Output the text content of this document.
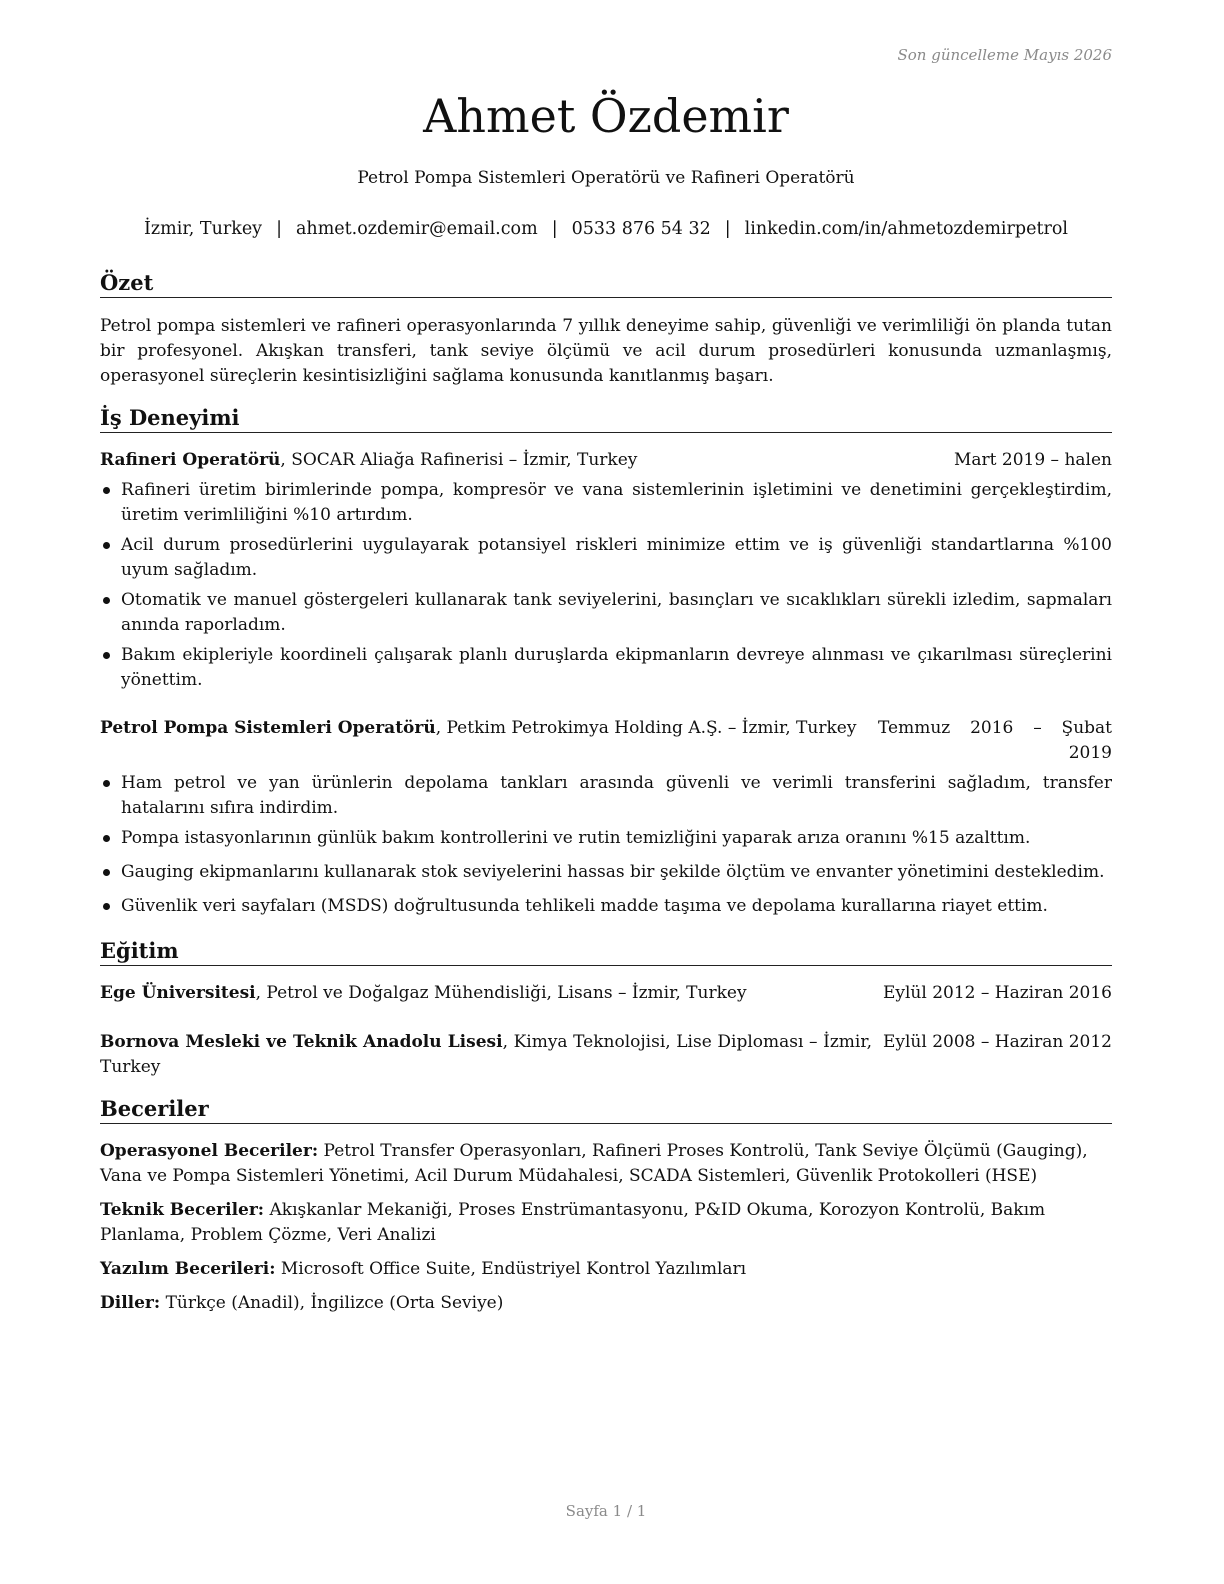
Son güncelleme Mayıs 2026
Ahmet Özdemir
Petrol Pompa Sistemleri Operatörü ve Rafineri Operatörü
İzmir, Turkey | ahmet.ozdemir@email.com | 0533 876 54 32 | linkedin.com/in/ahmetozdemirpetrol
Özet
Petrol pompa sistemleri ve rafineri operasyonlarında 7 yıllık deneyime sahip, güvenliği ve verimliliği ön planda tutan bir profesyonel. Akışkan transferi, tank seviye ölçümü ve acil durum prosedürleri konusunda uzmanlaşmış, operasyonel süreçlerin kesintisizliğini sağlama konusunda kanıtlanmış başarı.
İş Deneyimi
Rafineri Operatörü, SOCAR Aliağa Rafinerisi – İzmir, Turkey	Mart 2019 – halen
Rafineri üretim birimlerinde pompa, kompresör ve vana sistemlerinin işletimini ve denetimini gerçekleştirdim, üretim verimliliğini %10 artırdım.
Acil durum prosedürlerini uygulayarak potansiyel riskleri minimize ettim ve iş güvenliği standartlarına %100 uyum sağladım.
Otomatik ve manuel göstergeleri kullanarak tank seviyelerini, basınçları ve sıcaklıkları sürekli izledim, sapmaları anında raporladım.
Bakım ekipleriyle koordineli çalışarak planlı duruşlarda ekipmanların devreye alınması ve çıkarılması süreçlerini yönettim.
Petrol Pompa Sistemleri Operatörü, Petkim Petrokimya Holding A.Ş. – İzmir, Turkey Temmuz 2016 – Şubat
2019
Ham petrol ve yan ürünlerin depolama tankları arasında güvenli ve verimli transferini sağladım, transfer hatalarını sıfıra indirdim.
Pompa istasyonlarının günlük bakım kontrollerini ve rutin temizliğini yaparak arıza oranını %15 azalttım.
Gauging ekipmanlarını kullanarak stok seviyelerini hassas bir şekilde ölçtüm ve envanter yönetimini destekledim.
Güvenlik veri sayfaları (MSDS) doğrultusunda tehlikeli madde taşıma ve depolama kurallarına riayet ettim.
Eğitim
Ege Üniversitesi, Petrol ve Doğalgaz Mühendisliği, Lisans – İzmir, Turkey	Eylül 2012 – Haziran 2016
Bornova Mesleki ve Teknik Anadolu Lisesi, Kimya Teknolojisi, Lise Diploması – İzmir,
Turkey
Eylül 2008 – Haziran 2012
Beceriler
Operasyonel Beceriler: Petrol Transfer Operasyonları, Rafineri Proses Kontrolü, Tank Seviye Ölçümü (Gauging), Vana ve Pompa Sistemleri Yönetimi, Acil Durum Müdahalesi, SCADA Sistemleri, Güvenlik Protokolleri (HSE)
Teknik Beceriler: Akışkanlar Mekaniği, Proses Enstrümantasyonu, P&ID Okuma, Korozyon Kontrolü, Bakım Planlama, Problem Çözme, Veri Analizi
Yazılım Becerileri: Microsoft Office Suite, Endüstriyel Kontrol Yazılımları
Diller: Türkçe (Anadil), İngilizce (Orta Seviye)
Sayfa 1 / 1
